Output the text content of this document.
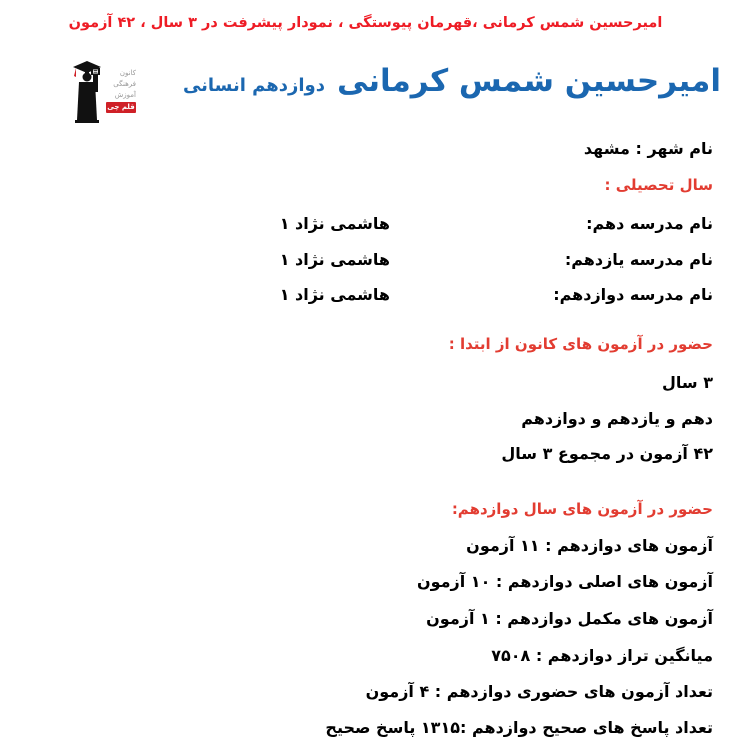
امیرحسین شمس کرمانی ،قهرمان پیوستگی ، نمودار پیشرفت در ۳ سال ، ۴۲ آزمون
کانون
فرهنگی
آموزش
قلم چی
امیرحسین شمس کرمانی
دوازدهم انسانی
نام شهر : مشهد
سال تحصیلی :
نام مدرسه دهم:
هاشمی نژاد ۱
نام مدرسه یازدهم:
هاشمی نژاد ۱
نام مدرسه دوازدهم:
هاشمی نژاد ۱
حضور در آزمون های کانون از ابتدا :
۳ سال
دهم و یازدهم و دوازدهم
۴۲ آزمون در مجموع ۳ سال
حضور در آزمون های سال دوازدهم:
آزمون های دوازدهم : ۱۱ آزمون
آزمون های اصلی دوازدهم : ۱۰ آزمون
آزمون های مکمل دوازدهم : ۱ آزمون
میانگین تراز دوازدهم : ۷۵۰۸
تعداد آزمون های حضوری دوازدهم : ۴ آزمون
تعداد پاسخ های صحیح دوازدهم :۱۳۱۵ پاسخ صحیح
